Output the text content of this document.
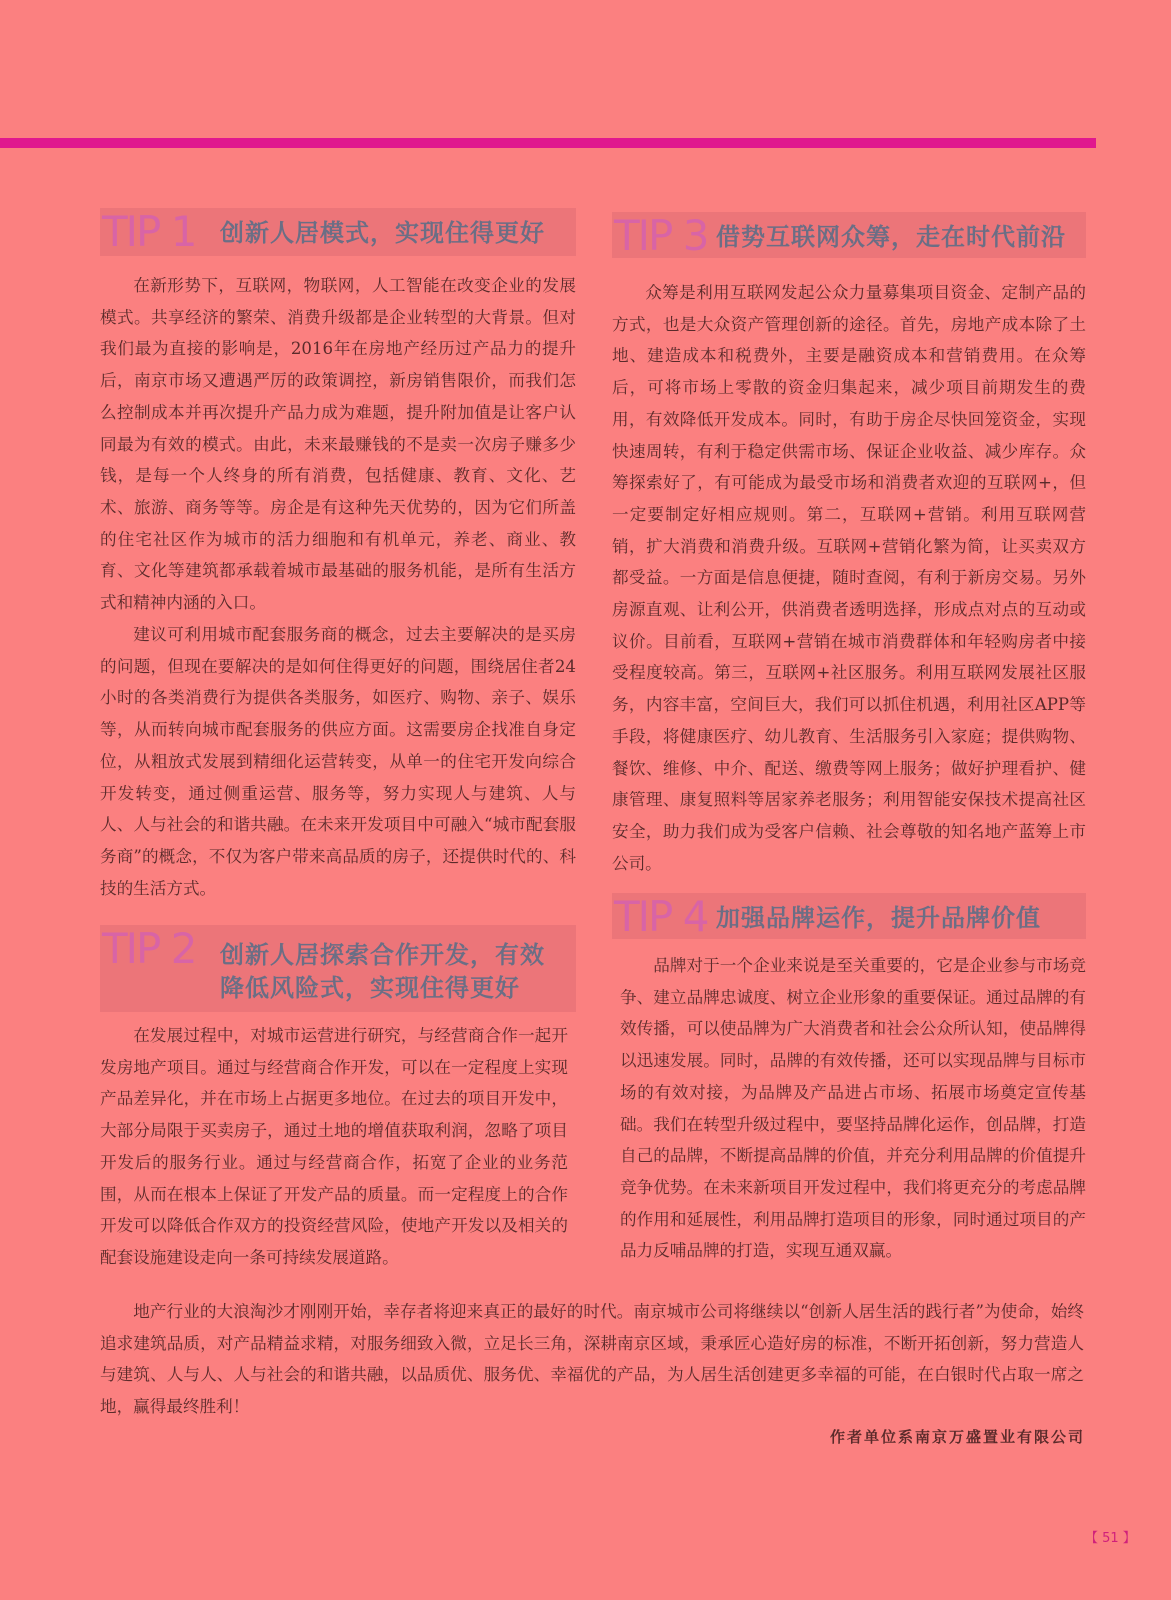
TIP 1 创新人居模式，实现住得更好

在新形势下，互联网，物联网，人工智能在改变企业的发展模式。共享经济的繁荣、消费升级都是企业转型的大背景。但对我们最为直接的影响是，2016年在房地产经历过产品力的提升后，南京市场又遭遇严厉的政策调控，新房销售限价，而我们怎么控制成本并再次提升产品力成为难题，提升附加值是让客户认同最为有效的模式。由此，未来最赚钱的不是卖一次房子赚多少钱，是每一个人终身的所有消费，包括健康、教育、文化、艺术、旅游、商务等等。房企是有这种先天优势的，因为它们所盖的住宅社区作为城市的活力细胞和有机单元，养老、商业、教育、文化等建筑都承载着城市最基础的服务机能，是所有生活方式和精神内涵的入口。

建议可利用城市配套服务商的概念，过去主要解决的是买房的问题，但现在要解决的是如何住得更好的问题，围绕居住者24小时的各类消费行为提供各类服务，如医疗、购物、亲子、娱乐等，从而转向城市配套服务的供应方面。这需要房企找准自身定位，从粗放式发展到精细化运营转变，从单一的住宅开发向综合开发转变，通过侧重运营、服务等，努力实现人与建筑、人与人、人与社会的和谐共融。在未来开发项目中可融入“城市配套服务商”的概念，不仅为客户带来高品质的房子，还提供时代的、科技的生活方式。

TIP 2 创新人居探索合作开发，有效
降低风险式，实现住得更好

在发展过程中，对城市运营进行研究，与经营商合作一起开发房地产项目。通过与经营商合作开发，可以在一定程度上实现产品差异化，并在市场上占据更多地位。在过去的项目开发中，大部分局限于买卖房子，通过土地的增值获取利润，忽略了项目开发后的服务行业。通过与经营商合作，拓宽了企业的业务范围，从而在根本上保证了开发产品的质量。而一定程度上的合作开发可以降低合作双方的投资经营风险，使地产开发以及相关的配套设施建设走向一条可持续发展道路。

TIP 3 借势互联网众筹，走在时代前沿

众筹是利用互联网发起公众力量募集项目资金、定制产品的方式，也是大众资产管理创新的途径。首先，房地产成本除了土地、建造成本和税费外，主要是融资成本和营销费用。在众筹后，可将市场上零散的资金归集起来，减少项目前期发生的费用，有效降低开发成本。同时，有助于房企尽快回笼资金，实现快速周转，有利于稳定供需市场、保证企业收益、减少库存。众筹探索好了，有可能成为最受市场和消费者欢迎的互联网+，但一定要制定好相应规则。第二，互联网+营销。利用互联网营销，扩大消费和消费升级。互联网+营销化繁为简，让买卖双方都受益。一方面是信息便捷，随时查阅，有利于新房交易。另外房源直观、让利公开，供消费者透明选择，形成点对点的互动或议价。目前看，互联网+营销在城市消费群体和年轻购房者中接受程度较高。第三，互联网+社区服务。利用互联网发展社区服务，内容丰富，空间巨大，我们可以抓住机遇，利用社区APP等手段，将健康医疗、幼儿教育、生活服务引入家庭；提供购物、餐饮、维修、中介、配送、缴费等网上服务；做好护理看护、健康管理、康复照料等居家养老服务；利用智能安保技术提高社区安全，助力我们成为受客户信赖、社会尊敬的知名地产蓝筹上市公司。

TIP 4 加强品牌运作，提升品牌价值

品牌对于一个企业来说是至关重要的，它是企业参与市场竞争、建立品牌忠诚度、树立企业形象的重要保证。通过品牌的有效传播，可以使品牌为广大消费者和社会公众所认知，使品牌得以迅速发展。同时，品牌的有效传播，还可以实现品牌与目标市场的有效对接，为品牌及产品进占市场、拓展市场奠定宣传基础。我们在转型升级过程中，要坚持品牌化运作，创品牌，打造自己的品牌，不断提高品牌的价值，并充分利用品牌的价值提升竞争优势。在未来新项目开发过程中，我们将更充分的考虑品牌的作用和延展性，利用品牌打造项目的形象，同时通过项目的产品力反哺品牌的打造，实现互通双赢。

地产行业的大浪淘沙才刚刚开始，幸存者将迎来真正的最好的时代。南京城市公司将继续以“创新人居生活的践行者”为使命，始终追求建筑品质，对产品精益求精，对服务细致入微，立足长三角，深耕南京区域，秉承匠心造好房的标准，不断开拓创新，努力营造人与建筑、人与人、人与社会的和谐共融，以品质优、服务优、幸福优的产品，为人居生活创建更多幸福的可能，在白银时代占取一席之地，赢得最终胜利！

作者单位系南京万盛置业有限公司
【 51 】
